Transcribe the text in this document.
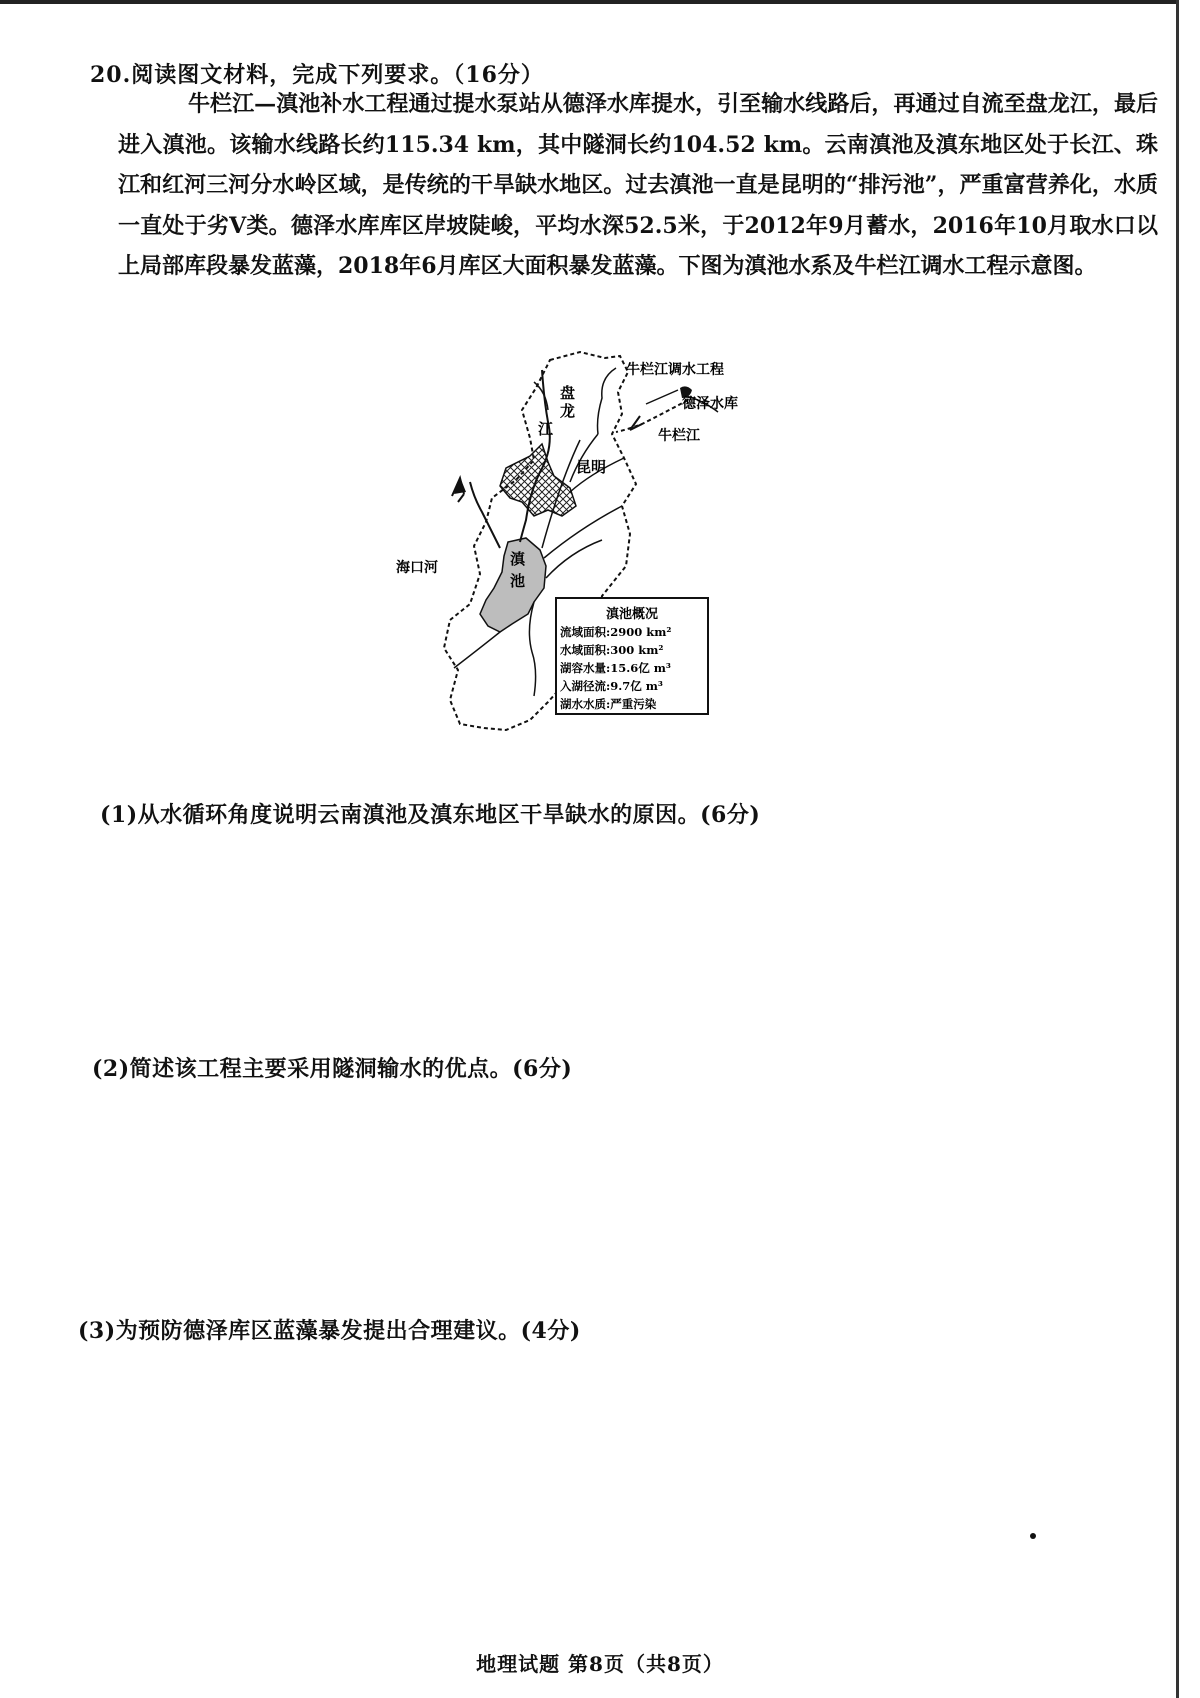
20.阅读图文材料，完成下列要求。（16分）
牛栏江—滇池补水工程通过提水泵站从德泽水库提水，引至输水线路后，再通过自流至盘龙江，最后进入滇池。该输水线路长约115.34 km，其中隧洞长约104.52 km。云南滇池及滇东地区处于长江、珠江和红河三河分水岭区域，是传统的干旱缺水地区。过去滇池一直是昆明的“排污池”，严重富营养化，水质一直处于劣Ⅴ类。德泽水库库区岸坡陡峻，平均水深52.5米，于2012年9月蓄水，2016年10月取水口以上局部库段暴发蓝藻，2018年6月库区大面积暴发蓝藻。下图为滇池水系及牛栏江调水工程示意图。
牛栏江调水工程
德泽水库
牛栏江
盘
龙
江
昆明
滇
池
海口河
滇池概况
流域面积:2900 km²
水域面积:300 km²
湖容水量:15.6亿 m³
入湖径流:9.7亿 m³
湖水水质:严重污染
(1)从水循环角度说明云南滇池及滇东地区干旱缺水的原因。(6分)
(2)简述该工程主要采用隧洞输水的优点。(6分)
(3)为预防德泽库区蓝藻暴发提出合理建议。(4分)
地理试题 第8页（共8页）
